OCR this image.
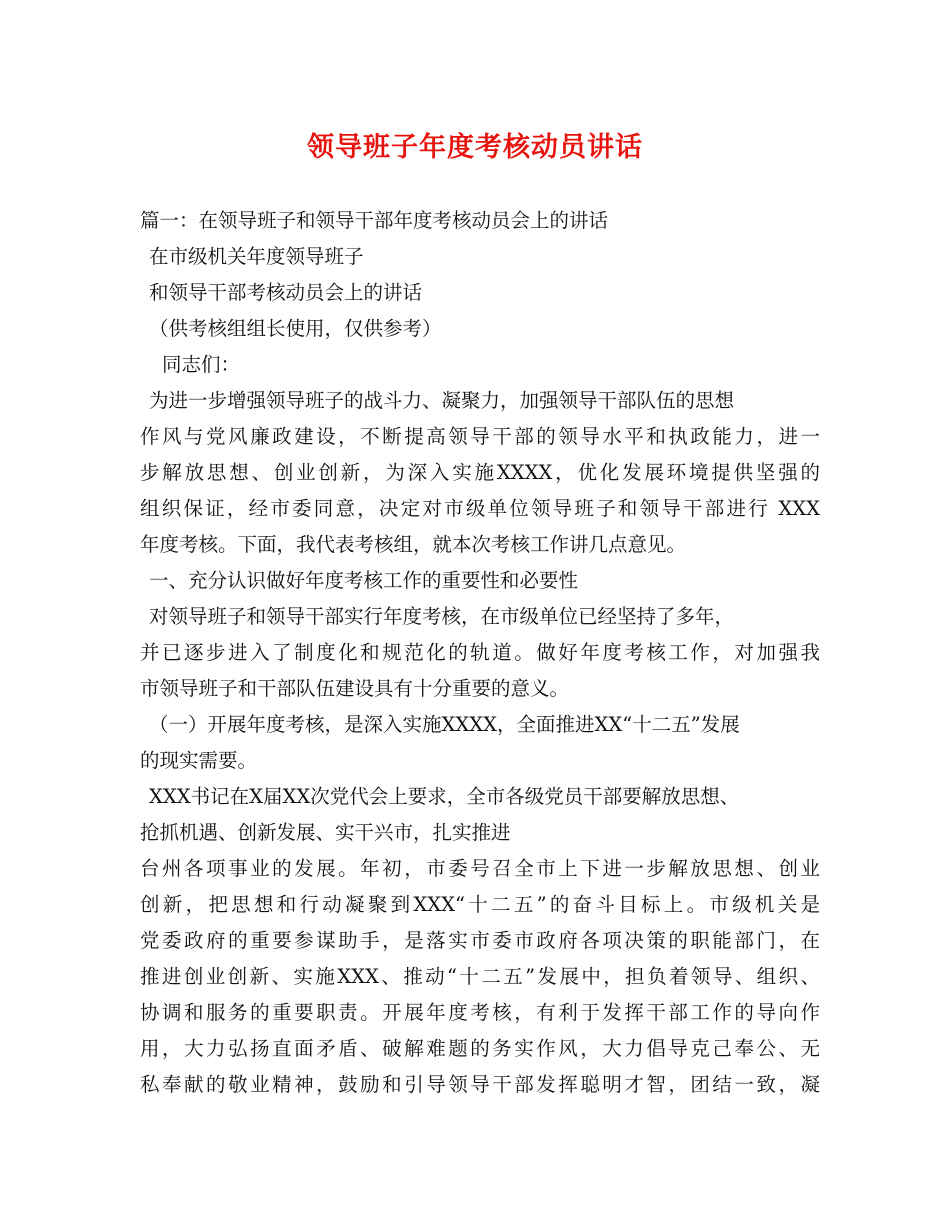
领导班子年度考核动员讲话
篇一：在领导班子和领导干部年度考核动员会上的讲话
在市级机关年度领导班子
和领导干部考核动员会上的讲话
（供考核组组长使用，仅供参考）
同志们：
为进一步增强领导班子的战斗力、凝聚力，加强领导干部队伍的思想
作风与党风廉政建设，不断提高领导干部的领导水平和执政能力，进一
步解放思想、创业创新，为深入实施XXXX，优化发展环境提供坚强的
组织保证，经市委同意，决定对市级单位领导班子和领导干部进行 XXX
年度考核。下面，我代表考核组，就本次考核工作讲几点意见。
一、充分认识做好年度考核工作的重要性和必要性
对领导班子和领导干部实行年度考核，在市级单位已经坚持了多年，
并已逐步进入了制度化和规范化的轨道。做好年度考核工作，对加强我
市领导班子和干部队伍建设具有十分重要的意义。
（一）开展年度考核，是深入实施XXXX，全面推进XX“十二五”发展
的现实需要。
XXX书记在X届XX次党代会上要求，全市各级党员干部要解放思想、
抢抓机遇、创新发展、实干兴市，扎实推进
台州各项事业的发展。年初，市委号召全市上下进一步解放思想、创业
创新，把思想和行动凝聚到XXX“十二五”的奋斗目标上。市级机关是
党委政府的重要参谋助手，是落实市委市政府各项决策的职能部门，在
推进创业创新、实施XXX、推动“十二五”发展中，担负着领导、组织、
协调和服务的重要职责。开展年度考核，有利于发挥干部工作的导向作
用，大力弘扬直面矛盾、破解难题的务实作风，大力倡导克己奉公、无
私奉献的敬业精神，鼓励和引导领导干部发挥聪明才智，团结一致，凝
